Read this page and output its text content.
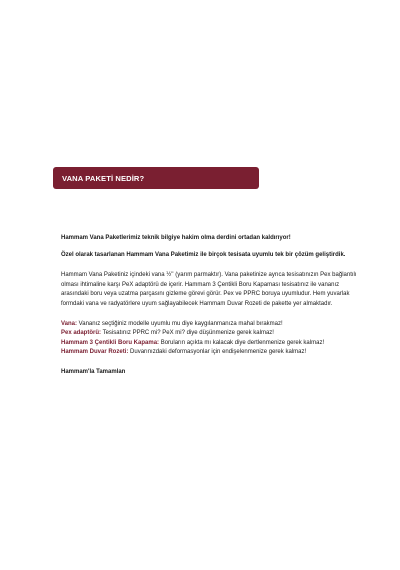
VANA PAKETİ NEDİR?

Hammam Vana Paketlerimiz teknik bilgiye hakim olma derdini ortadan kaldırıyor!

Özel olarak tasarlanan Hammam Vana Paketimiz ile birçok tesisata uyumlu tek bir çözüm geliştirdik.

Hammam Vana Paketiniz içindeki vana ½'' (yarım parmaktır). Vana paketinize ayrıca tesisatınızın Pex bağlantılı olması ihtimaline karşı PeX adaptörü de içerir. Hammam 3 Çentikli Boru Kapaması tesisatınız ile vananız arasındaki boru veya uzatma parçasını gizleme görevi görür. Pex ve PPRC boruya uyumludur. Hem yuvarlak formdaki vana ve radyatörlere uyum sağlayabilecek Hammam Duvar Rozeti de pakette yer almaktadır.

Vana: Vananız seçtiğiniz modelle uyumlu mu diye kaygılanmanıza mahal bırakmaz!

Pex adaptörü: Tesisatınız PPRC mi? PeX mi? diye düşünmenize gerek kalmaz!

Hammam 3 Çentikli Boru Kapama: Boruların açıkta mı kalacak diye dertlenmenize gerek kalmaz!

Hammam Duvar Rozeti: Duvarınızdaki deformasyonlar için endişelenmenize gerek kalmaz!

Hammam'la Tamamlan
